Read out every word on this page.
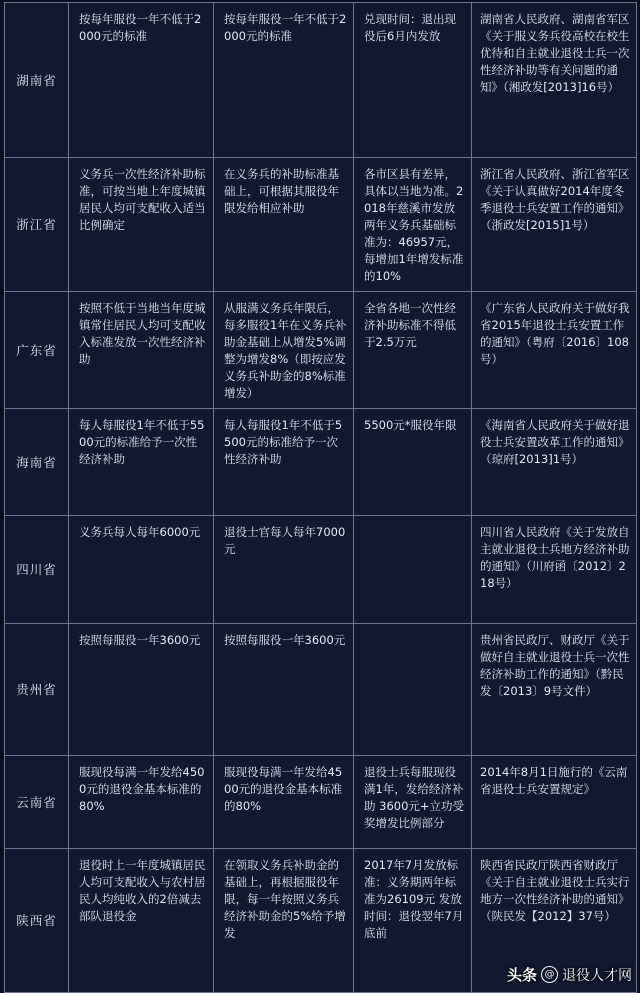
湖南省	按每年服役一年不低于2000元的标准	按每年服役一年不低于2000元的标准	兑现时间：退出现役后6月内发放	湖南省人民政府、湖南省军区《关于服义务兵役高校在校生优待和自主就业退役士兵一次性经济补助等有关问题的通知》（湘政发[2013]16号）
浙江省	义务兵一次性经济补助标准，可按当地上年度城镇居民人均可支配收入适当比例确定	在义务兵的补助标准基础上，可根据其服役年限发给相应补助	各市区县有差异，具体以当地为准。2018年慈溪市发放两年义务兵基础标准为：46957元，每增加1年增发标准的10%	浙江省人民政府、浙江省军区《关于认真做好2014年度冬季退役士兵安置工作的通知》（浙政发[2015]1号）
广东省	按照不低于当地当年度城镇常住居民人均可支配收入标准发放一次性经济补助	从服满义务兵年限后，每多服役1年在义务兵补助金基础上从增发5%调整为增发8%（即按应发义务兵补助金的8%标准增发）	全省各地一次性经济补助标准不得低于2.5万元	《广东省人民政府关于做好我省2015年退役士兵安置工作的通知》（粤府〔2016〕108号）
海南省	每人每服役1年不低于5500元的标准给予一次性经济补助	每人每服役1年不低于5500元的标准给予一次性经济补助	5500元*服役年限	《海南省人民政府关于做好退役士兵安置改革工作的通知》（琼府[2013]1号）
四川省	义务兵每人每年6000元	退役士官每人每年7000元		四川省人民政府《关于发放自主就业退役士兵地方经济补助的通知》（川府函〔2012〕218号）
贵州省	按照每服役一年3600元	按照每服役一年3600元		贵州省民政厅、财政厅《关于做好自主就业退役士兵一次性经济补助工作的通知》（黔民发〔2013〕9号文件）
云南省	服现役每满一年发给4500元的退役金基本标准的80%	服现役每满一年发给4500元的退役金基本标准的80%	退役士兵每服现役满1年，发给经济补助 3600元+立功受奖增发比例部分	2014年8月1日施行的《云南省退役士兵安置规定》
陕西省	退役时上一年度城镇居民人均可支配收入与农村居民人均纯收入的2倍减去部队退役金	在领取义务兵补助金的基础上，再根据服役年限，每一年按照义务兵经济补助金的5%给予增发	2017年7月发放标准：义务期两年标准为26109元 发放时间：退役翌年7月底前	陕西省民政厅陕西省财政厅《关于自主就业退役士兵实行地方一次性经济补助的通知》（陕民发【2012】37号）
头条 @ 退役人才网
